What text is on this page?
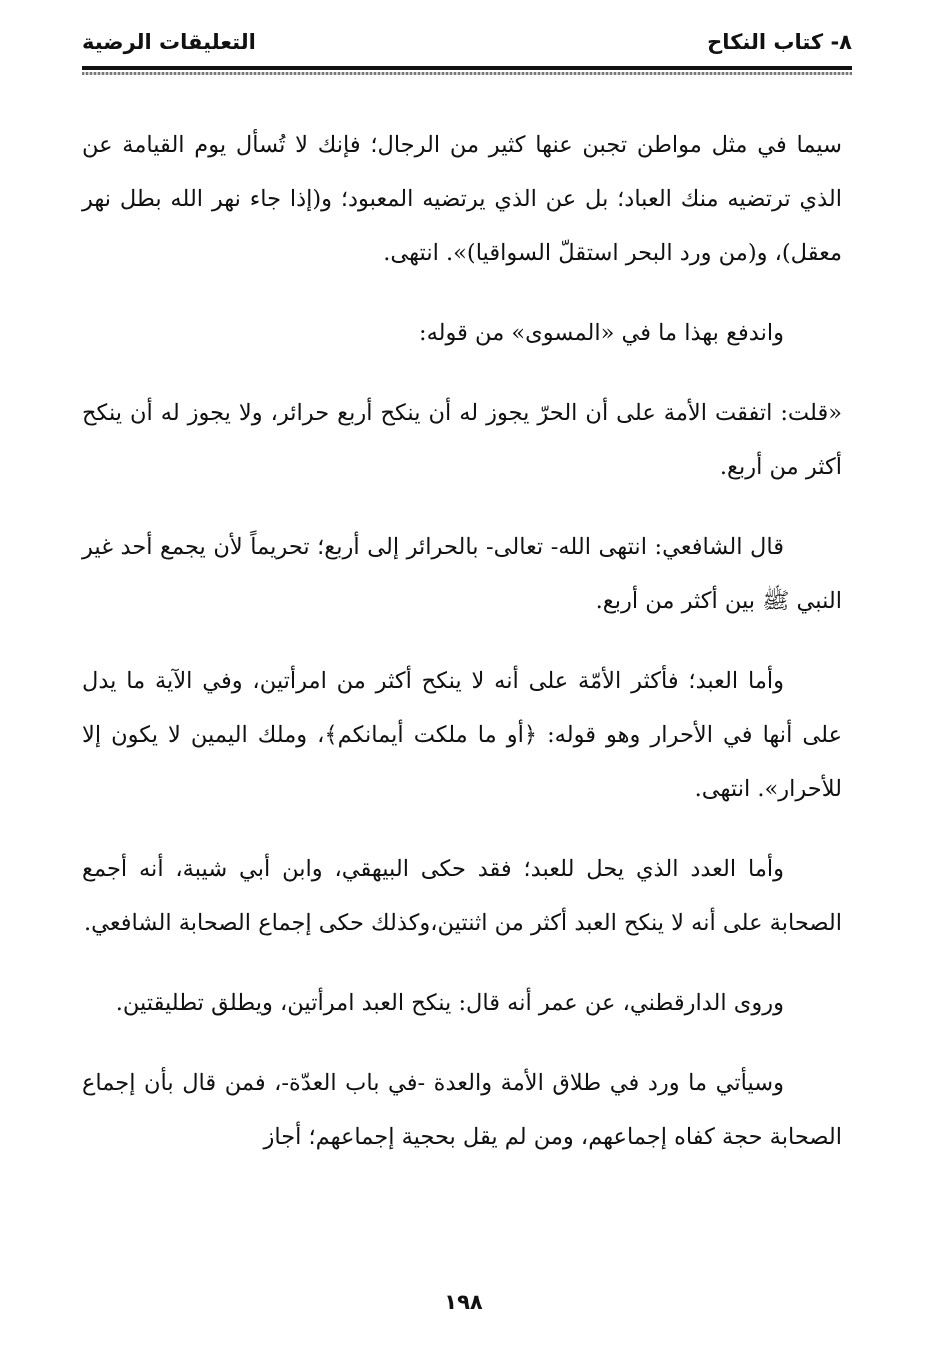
٨- كتاب النكاح
التعليقات الرضية

سيما في مثل مواطن تجبن عنها كثير من الرجال؛ فإنك لا تُسأل يوم القيامة عن الذي ترتضيه منك العباد؛ بل عن الذي يرتضيه المعبود؛ و(إذا جاء نهر الله بطل نهر معقل)، و(من ورد البحر استقلّ السواقيا)». انتهى.

واندفع بهذا ما في «المسوى» من قوله:

«قلت: اتفقت الأمة على أن الحرّ يجوز له أن ينكح أربع حرائر، ولا يجوز له أن ينكح أكثر من أربع.

قال الشافعي: انتهى الله- تعالى- بالحرائر إلى أربع؛ تحريماً لأن يجمع أحد غير النبي ﷺ بين أكثر من أربع.

وأما العبد؛ فأكثر الأمّة على أنه لا ينكح أكثر من امرأتين، وفي الآية ما يدل على أنها في الأحرار وهو قوله: ﴿أو ما ملكت أيمانكم﴾، وملك اليمين لا يكون إلا للأحرار». انتهى.

وأما العدد الذي يحل للعبد؛ فقد حكى البيهقي، وابن أبي شيبة، أنه أجمع الصحابة على أنه لا ينكح العبد أكثر من اثنتين،وكذلك حكى إجماع الصحابة الشافعي.

وروى الدارقطني، عن عمر أنه قال: ينكح العبد امرأتين، ويطلق تطليقتين.

وسيأتي ما ورد في طلاق الأمة والعدة -في باب العدّة-، فمن قال بأن إجماع الصحابة حجة كفاه إجماعهم، ومن لم يقل بحجية إجماعهم؛ أجاز

١٩٨
